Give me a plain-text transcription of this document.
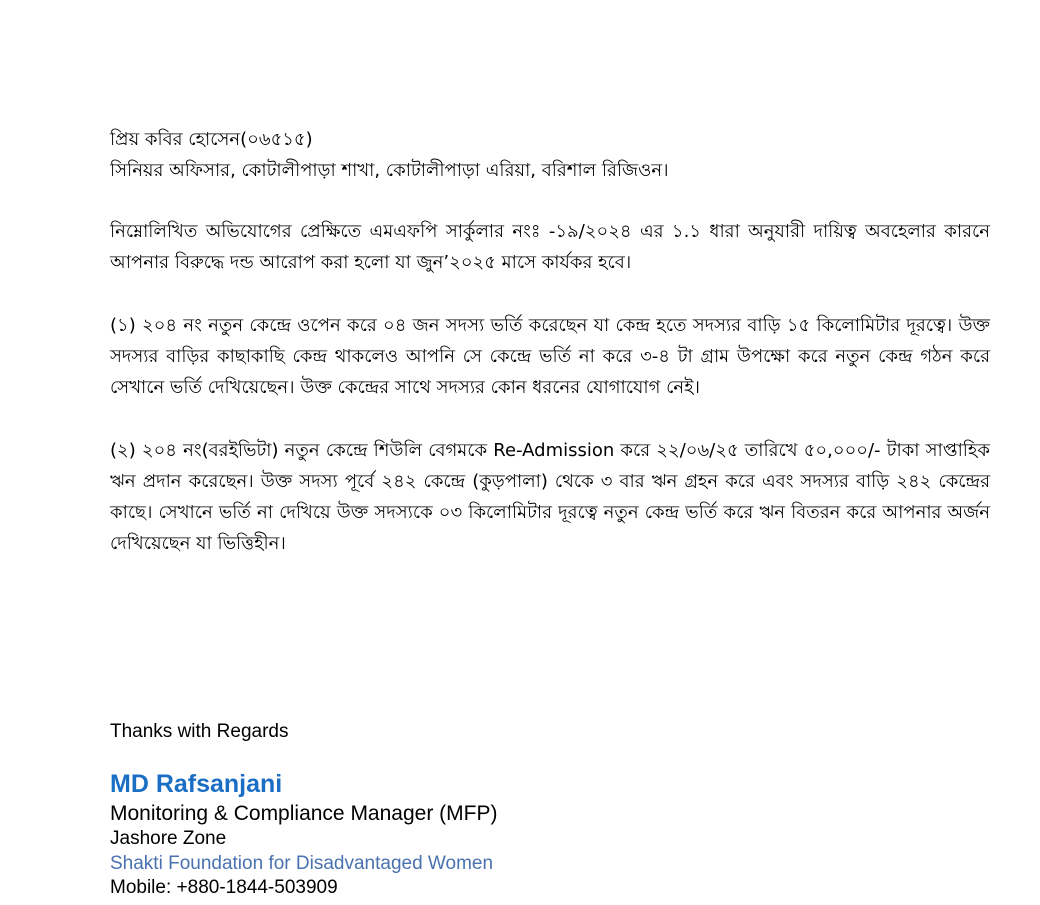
প্রিয় কবির হোসেন(০৬৫১৫)

সিনিয়র অফিসার, কোটালীপাড়া শাখা, কোটালীপাড়া এরিয়া, বরিশাল রিজিওন।

নিম্নোলিখিত অভিযোগের প্রেক্ষিতে এমএফপি সার্কুলার নংঃ -১৯/২০২৪ এর ১.১ ধারা অনুযারী দায়িত্ব অবহেলার কারনে আপনার বিরুদ্ধে দন্ড আরোপ করা হলো যা জুন’২০২৫ মাসে কার্যকর হবে।

(১) ২০৪ নং নতুন কেন্দ্রে ওপেন করে ০৪ জন সদস্য ভর্তি করেছেন যা কেন্দ্র হতে সদস্যর বাড়ি ১৫ কিলোমিটার দূরত্বে। উক্ত সদস্যর বাড়ির কাছাকাছি কেন্দ্র থাকলেও আপনি সে কেন্দ্রে ভর্তি না করে ৩-৪ টা গ্রাম উপক্ষো করে নতুন কেন্দ্র গঠন করে সেখানে ভর্তি দেখিয়েছেন। উক্ত কেন্দ্রের সাথে সদস্যর কোন ধরনের যোগাযোগ নেই।

(২) ২০৪ নং(বরইভিটা) নতুন কেন্দ্রে শিউলি বেগমকে Re-Admission করে ২২/০৬/২৫ তারিখে ৫০,০০০/- টাকা সাপ্তাহিক ঋন প্রদান করেছেন। উক্ত সদস্য পূর্বে ২৪২ কেন্দ্রে (কুড়পালা) থেকে ৩ বার ঋন গ্রহন করে এবং সদস্যর বাড়ি ২৪২ কেন্দ্রের কাছে। সেখানে ভর্তি না দেখিয়ে উক্ত সদস্যকে ০৩ কিলোমিটার দূরত্বে নতুন কেন্দ্র ভর্তি করে ঋন বিতরন করে আপনার অর্জন দেখিয়েছেন যা ভিত্তিহীন।

Thanks with Regards

MD Rafsanjani

Monitoring & Compliance Manager (MFP)

Jashore Zone

Shakti Foundation for Disadvantaged Women

Mobile: +880-1844-503909
